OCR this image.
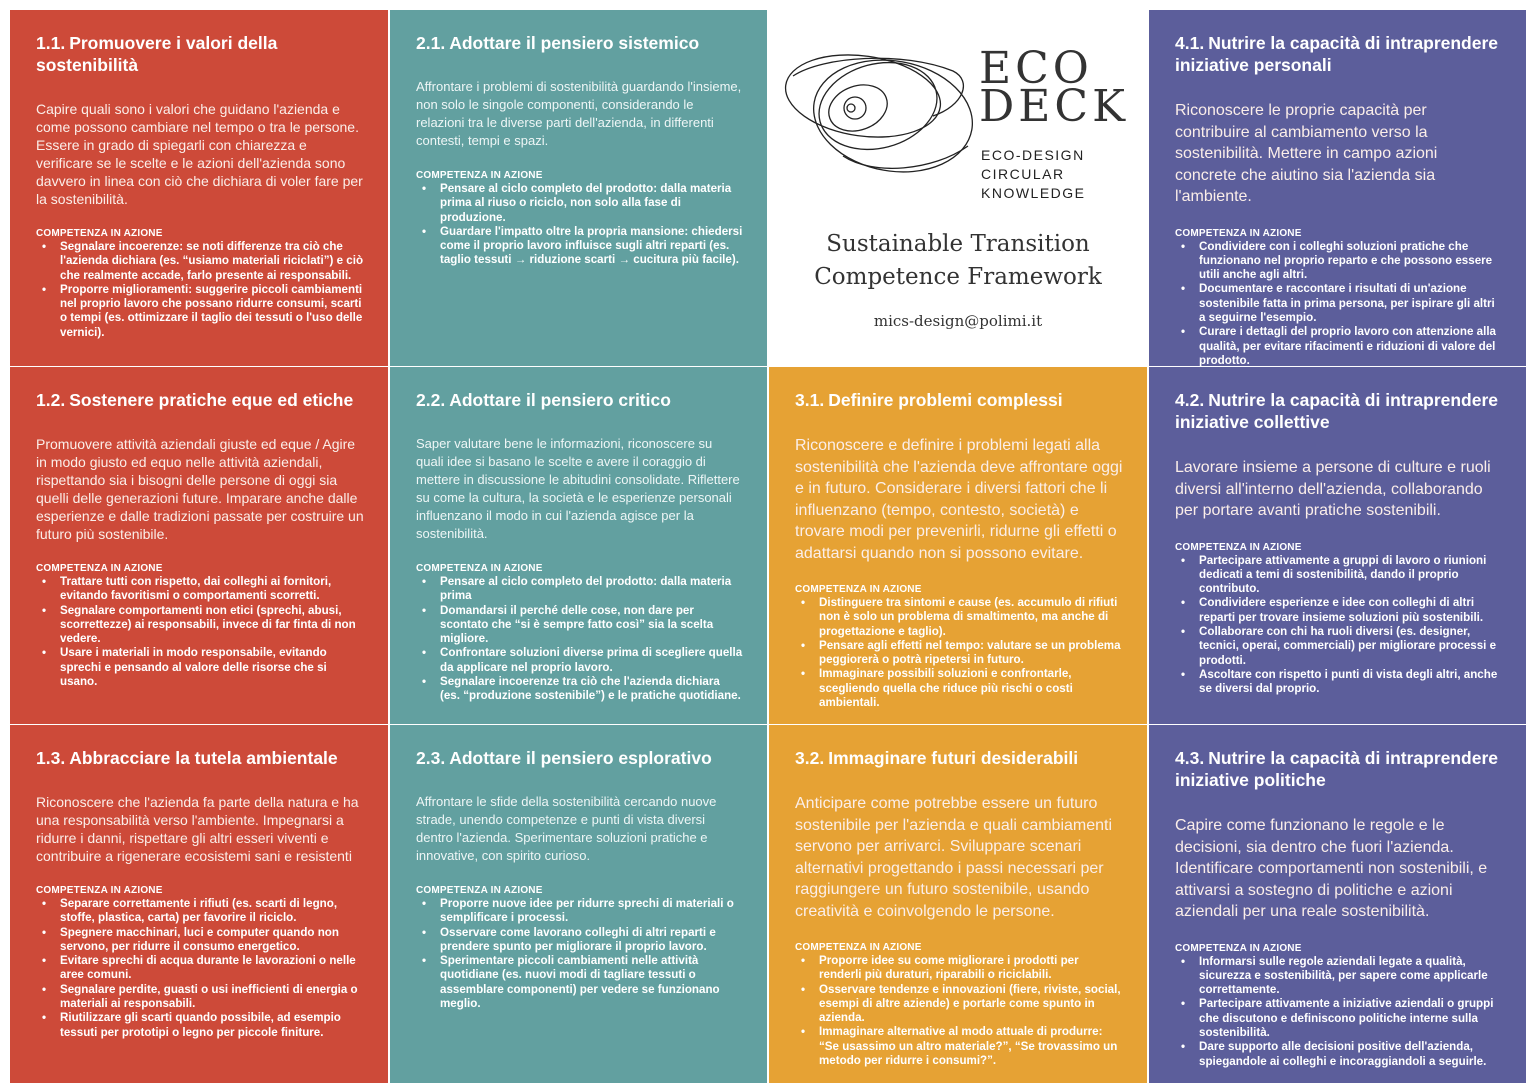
1.1. Promuovere i valori della sostenibilità

Capire quali sono i valori che guidano l'azienda e come possono cambiare nel tempo o tra le persone. Essere in grado di spiegarli con chiarezza e verificare se le scelte e le azioni dell'azienda sono davvero in linea con ciò che dichiara di voler fare per la sostenibilità.

COMPETENZA IN AZIONE
• Segnalare incoerenze: se noti differenze tra ciò che l'azienda dichiara (es. “usiamo materiali riciclati”) e ciò che realmente accade, farlo presente ai responsabili.
• Proporre miglioramenti: suggerire piccoli cambiamenti nel proprio lavoro che possano ridurre consumi, scarti o tempi (es. ottimizzare il taglio dei tessuti o l'uso delle vernici).
2.1. Adottare il pensiero sistemico

Affrontare i problemi di sostenibilità guardando l'insieme, non solo le singole componenti, considerando le relazioni tra le diverse parti dell'azienda, in differenti contesti, tempi e spazi.

COMPETENZA IN AZIONE
• Pensare al ciclo completo del prodotto: dalla materia prima al riuso o riciclo, non solo alla fase di produzione.
• Guardare l'impatto oltre la propria mansione: chiedersi come il proprio lavoro influisce sugli altri reparti (es. taglio tessuti → riduzione scarti → cucitura più facile).
ECO
DECK
ECO-DESIGN
CIRCULAR
KNOWLEDGE
Sustainable Transition
Competence Framework
mics-design@polimi.it
4.1. Nutrire la capacità di intraprendere iniziative personali

Riconoscere le proprie capacità per contribuire al cambiamento verso la sostenibilità. Mettere in campo azioni concrete che aiutino sia l'azienda sia l'ambiente.

COMPETENZA IN AZIONE
• Condividere con i colleghi soluzioni pratiche che funzionano nel proprio reparto e che possono essere utili anche agli altri.
• Documentare e raccontare i risultati di un'azione sostenibile fatta in prima persona, per ispirare gli altri a seguirne l'esempio.
• Curare i dettagli del proprio lavoro con attenzione alla qualità, per evitare rifacimenti e riduzioni di valore del prodotto.
1.2. Sostenere pratiche eque ed etiche

Promuovere attività aziendali giuste ed eque / Agire in modo giusto ed equo nelle attività aziendali, rispettando sia i bisogni delle persone di oggi sia quelli delle generazioni future. Imparare anche dalle esperienze e dalle tradizioni passate per costruire un futuro più sostenibile.

COMPETENZA IN AZIONE
• Trattare tutti con rispetto, dai colleghi ai fornitori, evitando favoritismi o comportamenti scorretti.
• Segnalare comportamenti non etici (sprechi, abusi, scorrettezze) ai responsabili, invece di far finta di non vedere.
• Usare i materiali in modo responsabile, evitando sprechi e pensando al valore delle risorse che si usano.
2.2. Adottare il pensiero critico

Saper valutare bene le informazioni, riconoscere su quali idee si basano le scelte e avere il coraggio di mettere in discussione le abitudini consolidate. Riflettere su come la cultura, la società e le esperienze personali influenzano il modo in cui l'azienda agisce per la sostenibilità.

COMPETENZA IN AZIONE
• Pensare al ciclo completo del prodotto: dalla materia prima
• Domandarsi il perché delle cose, non dare per scontato che “si è sempre fatto così” sia la scelta migliore.
• Confrontare soluzioni diverse prima di scegliere quella da applicare nel proprio lavoro.
• Segnalare incoerenze tra ciò che l'azienda dichiara (es. “produzione sostenibile”) e le pratiche quotidiane.
3.1. Definire problemi complessi

Riconoscere e definire i problemi legati alla sostenibilità che l'azienda deve affrontare oggi e in futuro. Considerare i diversi fattori che li influenzano (tempo, contesto, società) e trovare modi per prevenirli, ridurne gli effetti o adattarsi quando non si possono evitare.

COMPETENZA IN AZIONE
• Distinguere tra sintomi e cause (es. accumulo di rifiuti non è solo un problema di smaltimento, ma anche di progettazione e taglio).
• Pensare agli effetti nel tempo: valutare se un problema peggiorerà o potrà ripetersi in futuro.
• Immaginare possibili soluzioni e confrontarle, scegliendo quella che riduce più rischi o costi ambientali.
4.2. Nutrire la capacità di intraprendere iniziative collettive

Lavorare insieme a persone di culture e ruoli diversi all'interno dell'azienda, collaborando per portare avanti pratiche sostenibili.

COMPETENZA IN AZIONE
• Partecipare attivamente a gruppi di lavoro o riunioni dedicati a temi di sostenibilità, dando il proprio contributo.
• Condividere esperienze e idee con colleghi di altri reparti per trovare insieme soluzioni più sostenibili.
• Collaborare con chi ha ruoli diversi (es. designer, tecnici, operai, commerciali) per migliorare processi e prodotti.
• Ascoltare con rispetto i punti di vista degli altri, anche se diversi dal proprio.
1.3. Abbracciare la tutela ambientale

Riconoscere che l'azienda fa parte della natura e ha una responsabilità verso l'ambiente. Impegnarsi a ridurre i danni, rispettare gli altri esseri viventi e contribuire a rigenerare ecosistemi sani e resistenti

COMPETENZA IN AZIONE
• Separare correttamente i rifiuti (es. scarti di legno, stoffe, plastica, carta) per favorire il riciclo.
• Spegnere macchinari, luci e computer quando non servono, per ridurre il consumo energetico.
• Evitare sprechi di acqua durante le lavorazioni o nelle aree comuni.
• Segnalare perdite, guasti o usi inefficienti di energia o materiali ai responsabili.
• Riutilizzare gli scarti quando possibile, ad esempio tessuti per prototipi o legno per piccole finiture.
2.3. Adottare il pensiero esplorativo

Affrontare le sfide della sostenibilità cercando nuove strade, unendo competenze e punti di vista diversi dentro l'azienda. Sperimentare soluzioni pratiche e innovative, con spirito curioso.

COMPETENZA IN AZIONE
• Proporre nuove idee per ridurre sprechi di materiali o semplificare i processi.
• Osservare come lavorano colleghi di altri reparti e prendere spunto per migliorare il proprio lavoro.
• Sperimentare piccoli cambiamenti nelle attività quotidiane (es. nuovi modi di tagliare tessuti o assemblare componenti) per vedere se funzionano meglio.
3.2. Immaginare futuri desiderabili

Anticipare come potrebbe essere un futuro sostenibile per l'azienda e quali cambiamenti servono per arrivarci. Sviluppare scenari alternativi progettando i passi necessari per raggiungere un futuro sostenibile, usando creatività e coinvolgendo le persone.

COMPETENZA IN AZIONE
• Proporre idee su come migliorare i prodotti per renderli più duraturi, riparabili o riciclabili.
• Osservare tendenze e innovazioni (fiere, riviste, social, esempi di altre aziende) e portarle come spunto in azienda.
• Immaginare alternative al modo attuale di produrre: “Se usassimo un altro materiale?”, “Se trovassimo un metodo per ridurre i consumi?”.
4.3. Nutrire la capacità di intraprendere iniziative politiche

Capire come funzionano le regole e le decisioni, sia dentro che fuori l'azienda. Identificare comportamenti non sostenibili, e attivarsi a sostegno di politiche e azioni aziendali per una reale sostenibilità.

COMPETENZA IN AZIONE
• Informarsi sulle regole aziendali legate a qualità, sicurezza e sostenibilità, per sapere come applicarle correttamente.
• Partecipare attivamente a iniziative aziendali o gruppi che discutono e definiscono politiche interne sulla sostenibilità.
• Dare supporto alle decisioni positive dell'azienda, spiegandole ai colleghi e incoraggiandoli a seguirle.
